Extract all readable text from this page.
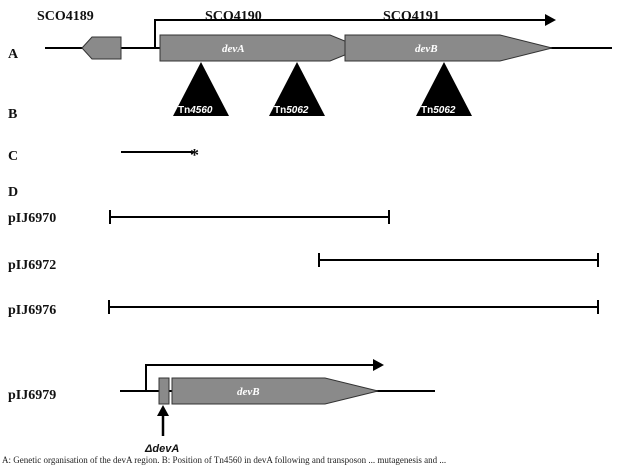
A
SCO4189	SCO4190	SCO4191
devA	devB
B	Tn4560	Tn5062	Tn5062
C	*
D
pIJ6970
pIJ6972
pIJ6976
pIJ6979	devB
ΔdevA
A: Genetic organisation of the devA region. B: Position of Tn4560 in devA following and transposon ... mutagenesis and ...
